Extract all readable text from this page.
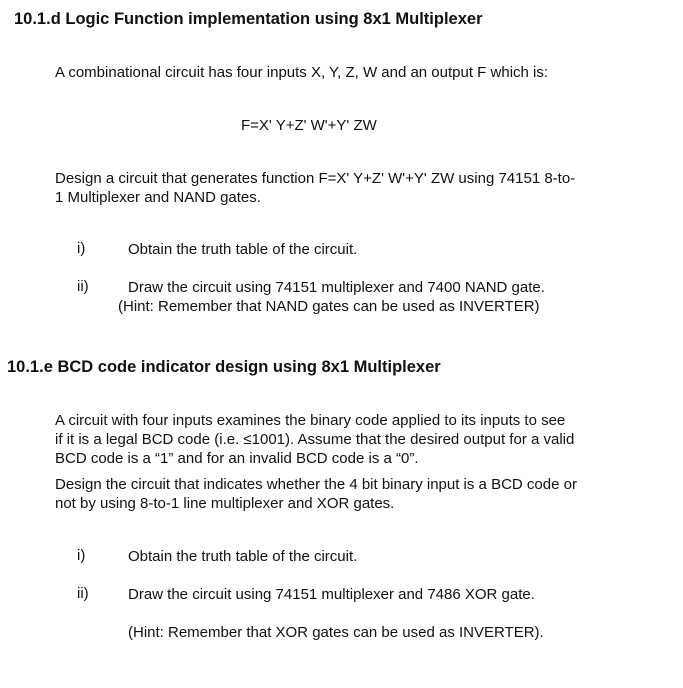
10.1.d Logic Function implementation using 8x1 Multiplexer
A combinational circuit has four inputs X, Y, Z, W and an output F which is:
F=X' Y+Z' W'+Y' ZW
Design a circuit that generates function F=X' Y+Z' W'+Y' ZW using 74151 8-to-
1 Multiplexer and NAND gates.
i)	Obtain the truth table of the circuit.
ii)	Draw the circuit using 74151 multiplexer and 7400 NAND gate.
(Hint: Remember that NAND gates can be used as INVERTER)
10.1.e BCD code indicator design using 8x1 Multiplexer
A circuit with four inputs examines the binary code applied to its inputs to see
if it is a legal BCD code (i.e. ≤1001). Assume that the desired output for a valid
BCD code is a “1” and for an invalid BCD code is a “0”.
Design the circuit that indicates whether the 4 bit binary input is a BCD code or
not by using 8-to-1 line multiplexer and XOR gates.
i)	Obtain the truth table of the circuit.
ii)	Draw the circuit using 74151 multiplexer and 7486 XOR gate.
(Hint: Remember that XOR gates can be used as INVERTER).
